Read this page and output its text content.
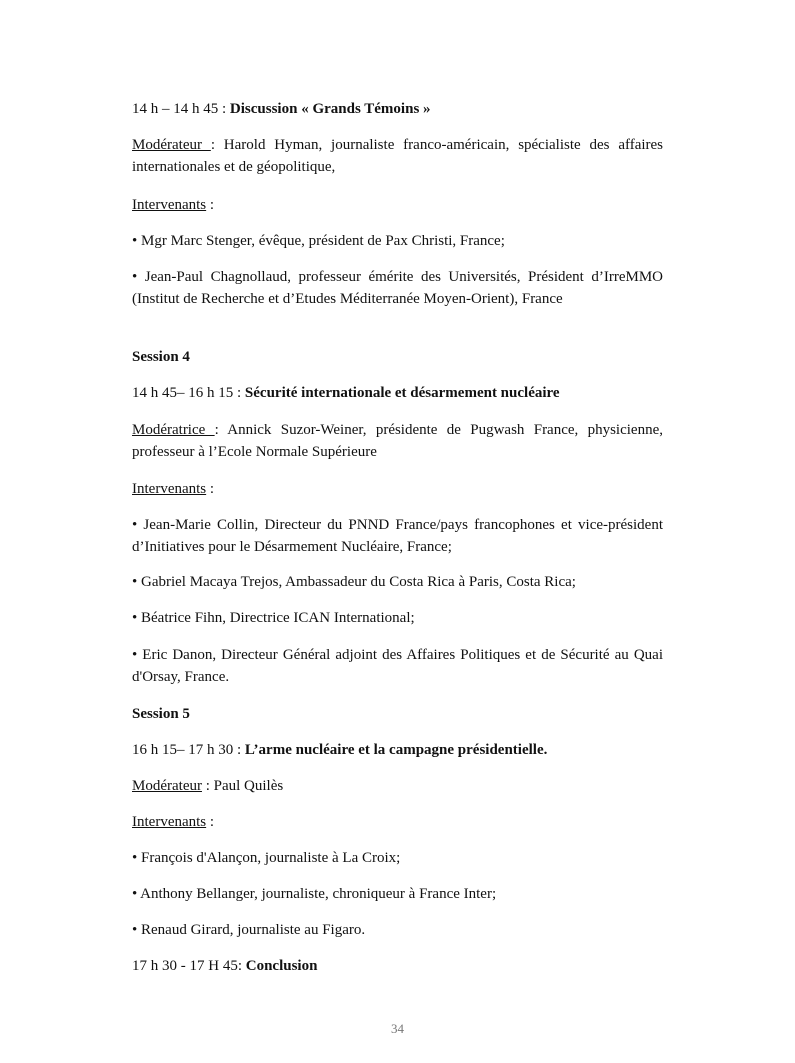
14 h – 14 h 45 : Discussion « Grands Témoins »

Modérateur : Harold Hyman, journaliste franco-américain, spécialiste des affaires internationales et de géopolitique,

Intervenants :

• Mgr Marc Stenger, évêque, président de Pax Christi, France;

• Jean-Paul Chagnollaud, professeur émérite des Universités, Président d’IrreMMO (Institut de Recherche et d’Etudes Méditerranée Moyen-Orient), France

Session 4

14 h 45– 16 h 15 : Sécurité internationale et désarmement nucléaire

Modératrice : Annick Suzor-Weiner, présidente de Pugwash France, physicienne, professeur à l’Ecole Normale Supérieure

Intervenants :

• Jean-Marie Collin, Directeur du PNND France/pays francophones et vice-président d’Initiatives pour le Désarmement Nucléaire, France;

• Gabriel Macaya Trejos, Ambassadeur du Costa Rica à Paris, Costa Rica;

• Béatrice Fihn, Directrice ICAN International;

• Eric Danon, Directeur Général adjoint des Affaires Politiques et de Sécurité au Quai d'Orsay, France.

Session 5

16 h 15– 17 h 30 : L’arme nucléaire et la campagne présidentielle.

Modérateur : Paul Quilès

Intervenants :

• François d'Alançon, journaliste à La Croix;

• Anthony Bellanger, journaliste, chroniqueur à France Inter;

• Renaud Girard, journaliste au Figaro.

17 h 30 - 17 H 45: Conclusion

34
